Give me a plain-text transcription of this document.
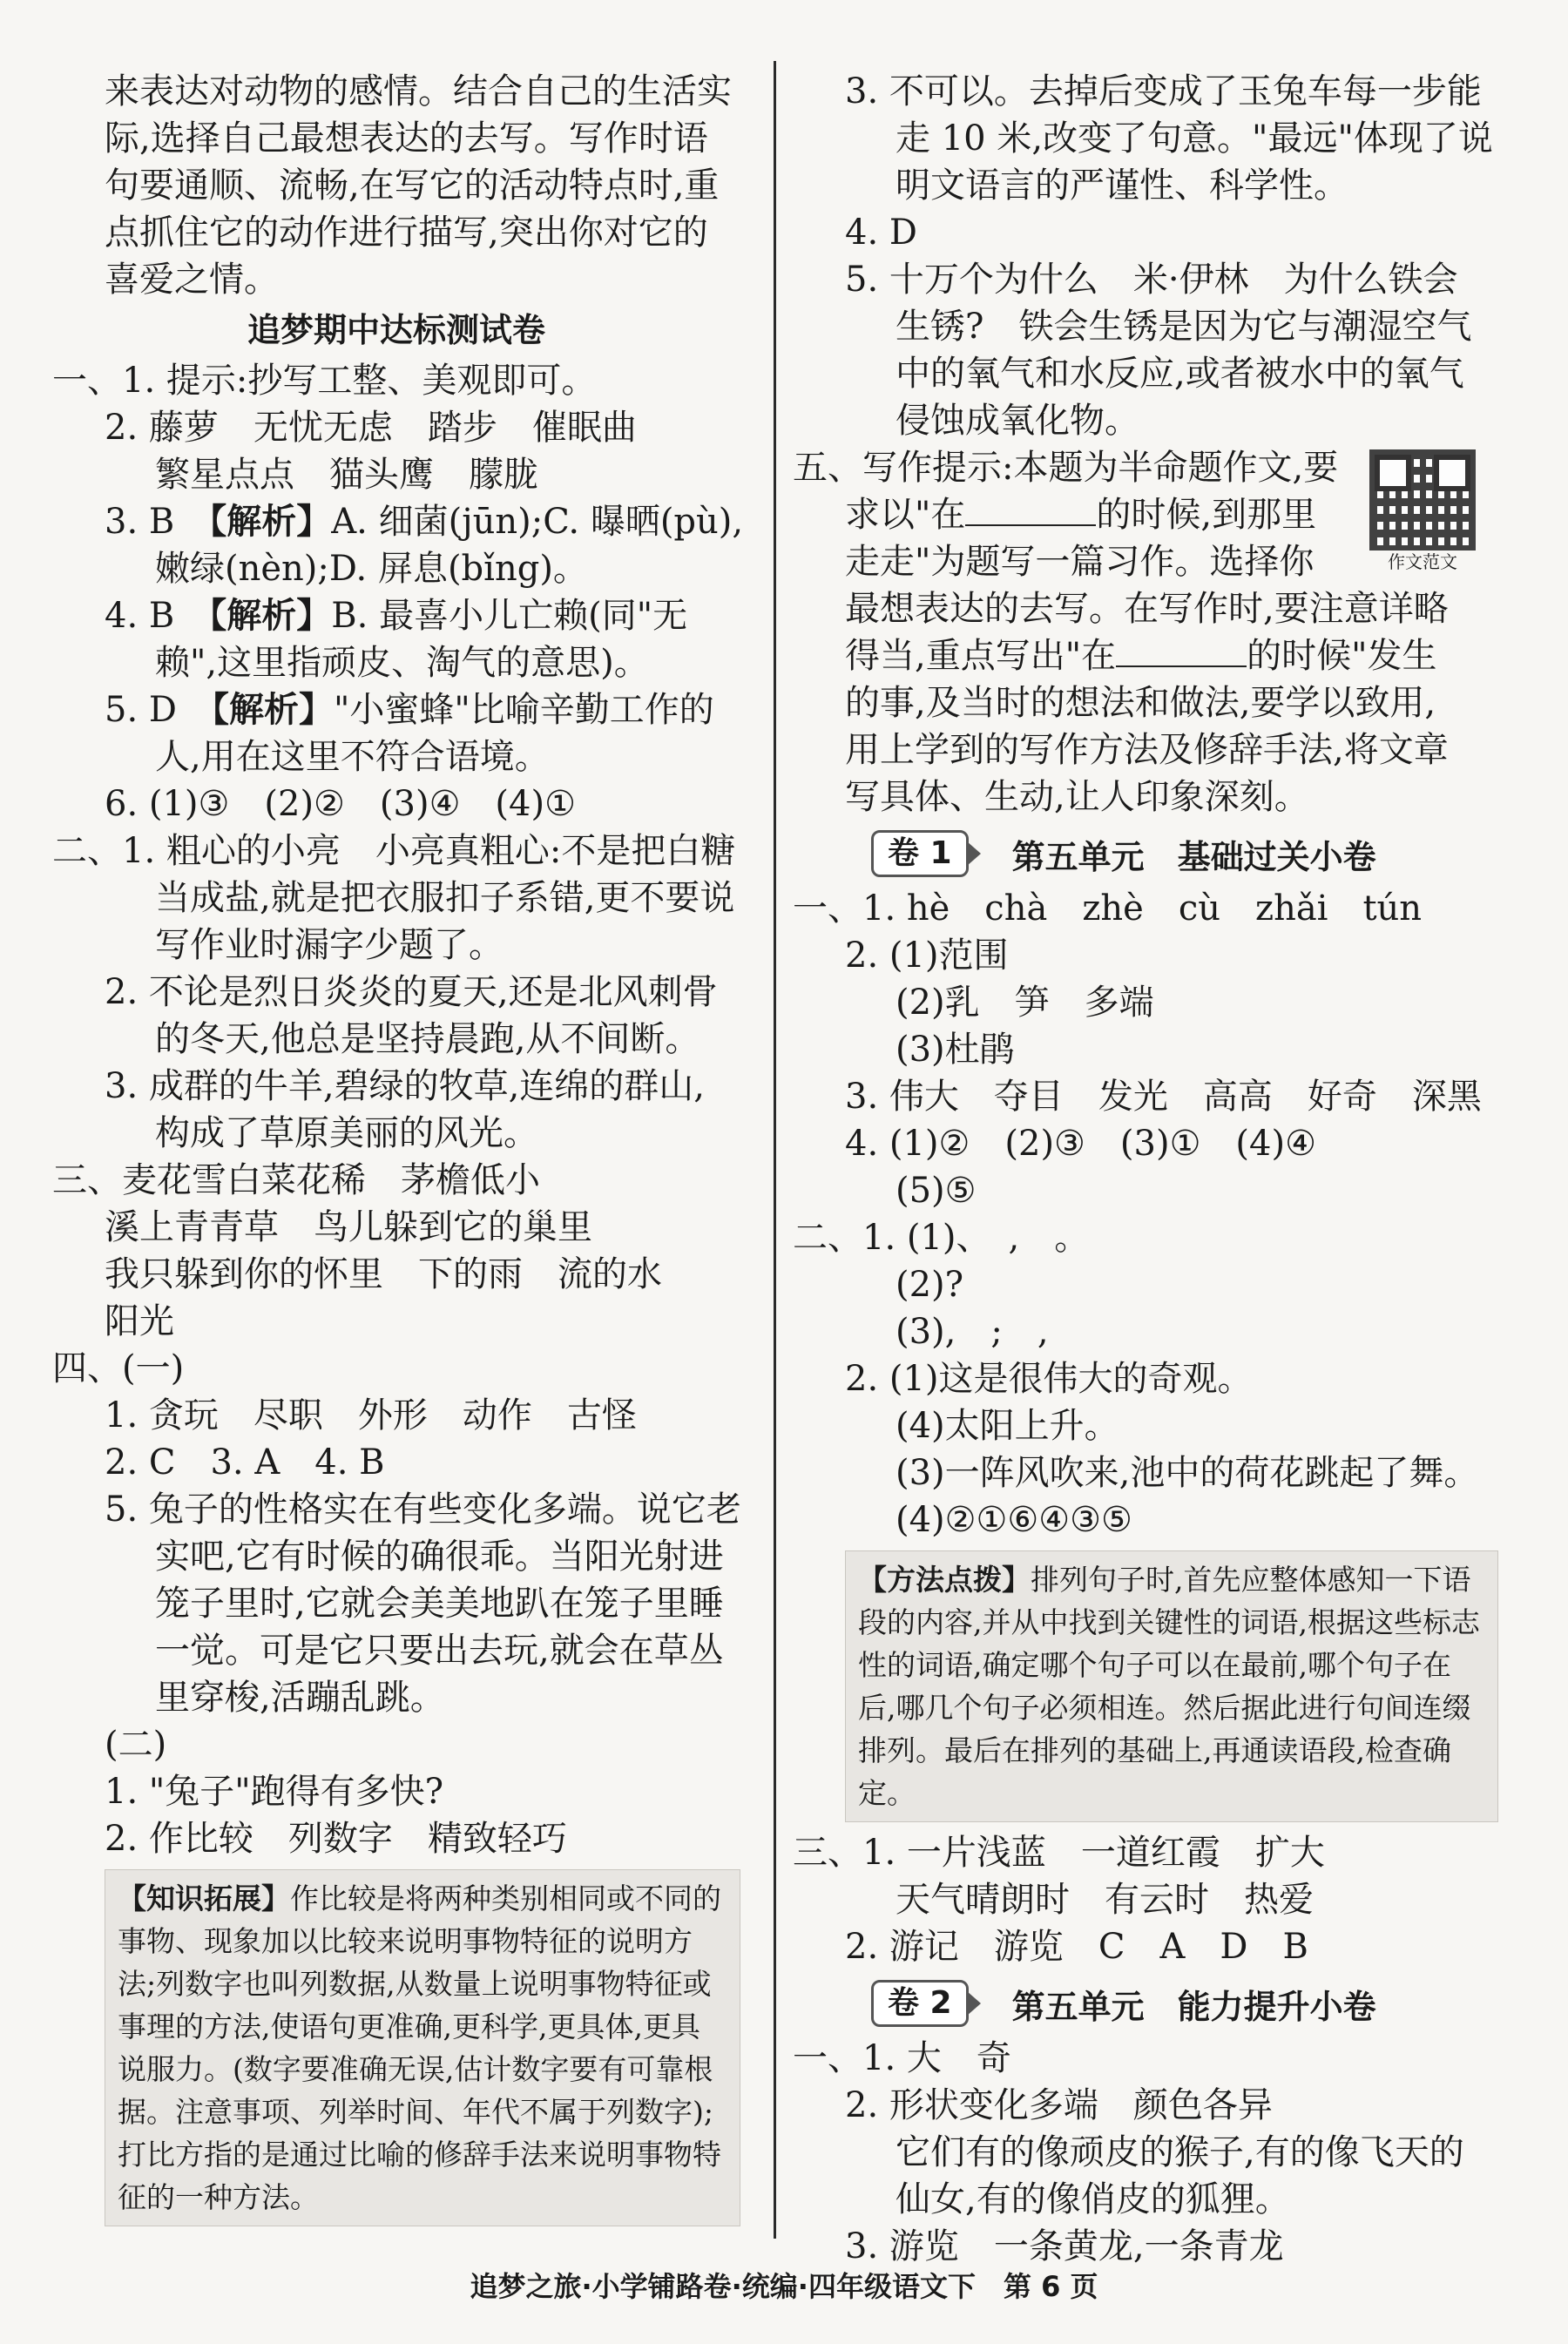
来表达对动物的感情。结合自己的生活实
际,选择自己最想表达的去写。写作时语
句要通顺、流畅,在写它的活动特点时,重
点抓住它的动作进行描写,突出你对它的
喜爱之情。
追梦期中达标测试卷
一、1. 提示:抄写工整、美观即可。
2. 藤萝　无忧无虑　踏步　催眠曲
繁星点点　猫头鹰　朦胧
3. B　【解析】A. 细菌(jūn);C. 曝晒(pù),
嫩绿(nèn);D. 屏息(bǐng)。
4. B　【解析】B. 最喜小儿亡赖(同"无
赖",这里指顽皮、淘气的意思)。
5. D　【解析】"小蜜蜂"比喻辛勤工作的
人,用在这里不符合语境。
6. (1)③　(2)②　(3)④　(4)①
二、1. 粗心的小亮　小亮真粗心:不是把白糖
当成盐,就是把衣服扣子系错,更不要说
写作业时漏字少题了。
2. 不论是烈日炎炎的夏天,还是北风刺骨
的冬天,他总是坚持晨跑,从不间断。
3. 成群的牛羊,碧绿的牧草,连绵的群山,
构成了草原美丽的风光。
三、麦花雪白菜花稀　茅檐低小
溪上青青草　鸟儿躲到它的巢里
我只躲到你的怀里　下的雨　流的水
阳光
四、(一)
1. 贪玩　尽职　外形　动作　古怪
2. C　3. A　4. B
5. 兔子的性格实在有些变化多端。说它老
实吧,它有时候的确很乖。当阳光射进
笼子里时,它就会美美地趴在笼子里睡
一觉。可是它只要出去玩,就会在草丛
里穿梭,活蹦乱跳。
(二)
1. "兔子"跑得有多快?
2. 作比较　列数字　精致轻巧
【知识拓展】作比较是将两种类别相同或不同的事物、现象加以比较来说明事物特征的说明方法;列数字也叫列数据,从数量上说明事物特征或事理的方法,使语句更准确,更科学,更具体,更具说服力。(数字要准确无误,估计数字要有可靠根据。注意事项、列举时间、年代不属于列数字);打比方指的是通过比喻的修辞手法来说明事物特征的一种方法。
3. 不可以。去掉后变成了玉兔车每一步能
走 10 米,改变了句意。"最远"体现了说
明文语言的严谨性、科学性。
4. D
5. 十万个为什么　米·伊林　为什么铁会
生锈?　铁会生锈是因为它与潮湿空气
中的氧气和水反应,或者被水中的氧气
侵蚀成氧化物。
五、写作提示:本题为半命题作文,要
求以"在	的时候,到那里
走走"为题写一篇习作。选择你
最想表达的去写。在写作时,要注意详略
得当,重点写出"在	的时候"发生
的事,及当时的想法和做法,要学以致用,
用上学到的写作方法及修辞手法,将文章
写具体、生动,让人印象深刻。
卷 1	第五单元　基础过关小卷
一、1. hè　chà　zhè　cù　zhǎi　tún
2. (1)范围
(2)乳　笋　多端
(3)杜鹃
3. 伟大　夺目　发光　高高　好奇　深黑
4. (1)②　(2)③　(3)①　(4)④
(5)⑤
二、1. (1)、　,　。
(2)?
(3),　;　,
2. (1)这是很伟大的奇观。
(4)太阳上升。
(3)一阵风吹来,池中的荷花跳起了舞。
(4)②①⑥④③⑤
【方法点拨】排列句子时,首先应整体感知一下语段的内容,并从中找到关键性的词语,根据这些标志性的词语,确定哪个句子可以在最前,哪个句子在后,哪几个句子必须相连。然后据此进行句间连缀排列。最后在排列的基础上,再通读语段,检查确定。
三、1. 一片浅蓝　一道红霞　扩大
天气晴朗时　有云时　热爱
2. 游记　游览　C　A　D　B
卷 2	第五单元　能力提升小卷
一、1. 大　奇
2. 形状变化多端　颜色各异
它们有的像顽皮的猴子,有的像飞天的
仙女,有的像俏皮的狐狸。
3. 游览　一条黄龙,一条青龙
作文范文
追梦之旅·小学铺路卷·统编·四年级语文下　第 6 页
